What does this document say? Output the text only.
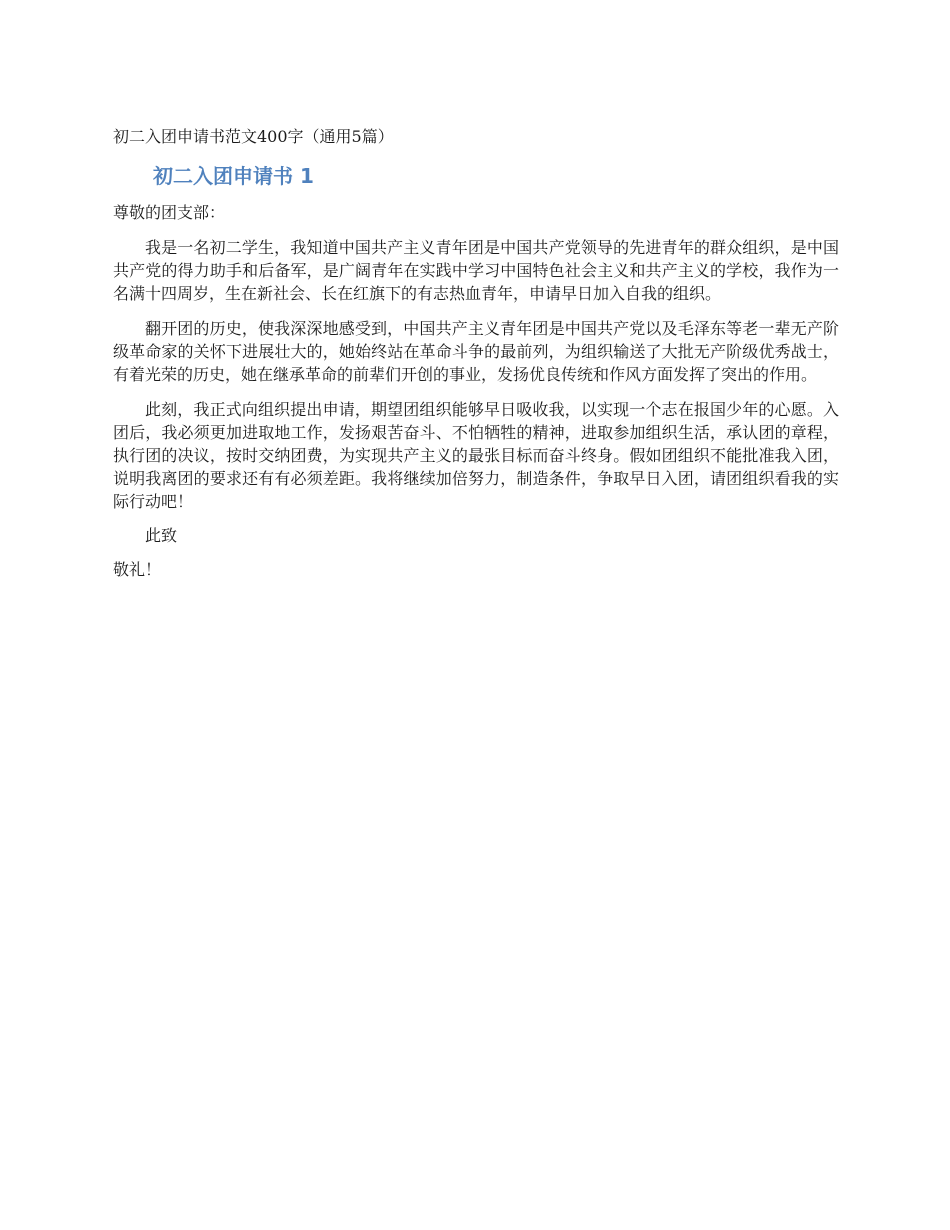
初二入团申请书范文400字（通用5篇）

初二入团申请书 1

尊敬的团支部：

我是一名初二学生，我知道中国共产主义青年团是中国共产党领导的先进青年的群众组织，是中国共产党的得力助手和后备军，是广阔青年在实践中学习中国特色社会主义和共产主义的学校，我作为一名满十四周岁，生在新社会、长在红旗下的有志热血青年，申请早日加入自我的组织。

翻开团的历史，使我深深地感受到，中国共产主义青年团是中国共产党以及毛泽东等老一辈无产阶级革命家的关怀下进展壮大的，她始终站在革命斗争的最前列，为组织输送了大批无产阶级优秀战士，有着光荣的历史，她在继承革命的前辈们开创的事业，发扬优良传统和作风方面发挥了突出的作用。

此刻，我正式向组织提出申请，期望团组织能够早日吸收我，以实现一个志在报国少年的心愿。入团后，我必须更加进取地工作，发扬艰苦奋斗、不怕牺牲的精神，进取参加组织生活，承认团的章程，执行团的决议，按时交纳团费，为实现共产主义的最张目标而奋斗终身。假如团组织不能批准我入团，说明我离团的要求还有有必须差距。我将继续加倍努力，制造条件，争取早日入团，请团组织看我的实际行动吧！

此致

敬礼！
